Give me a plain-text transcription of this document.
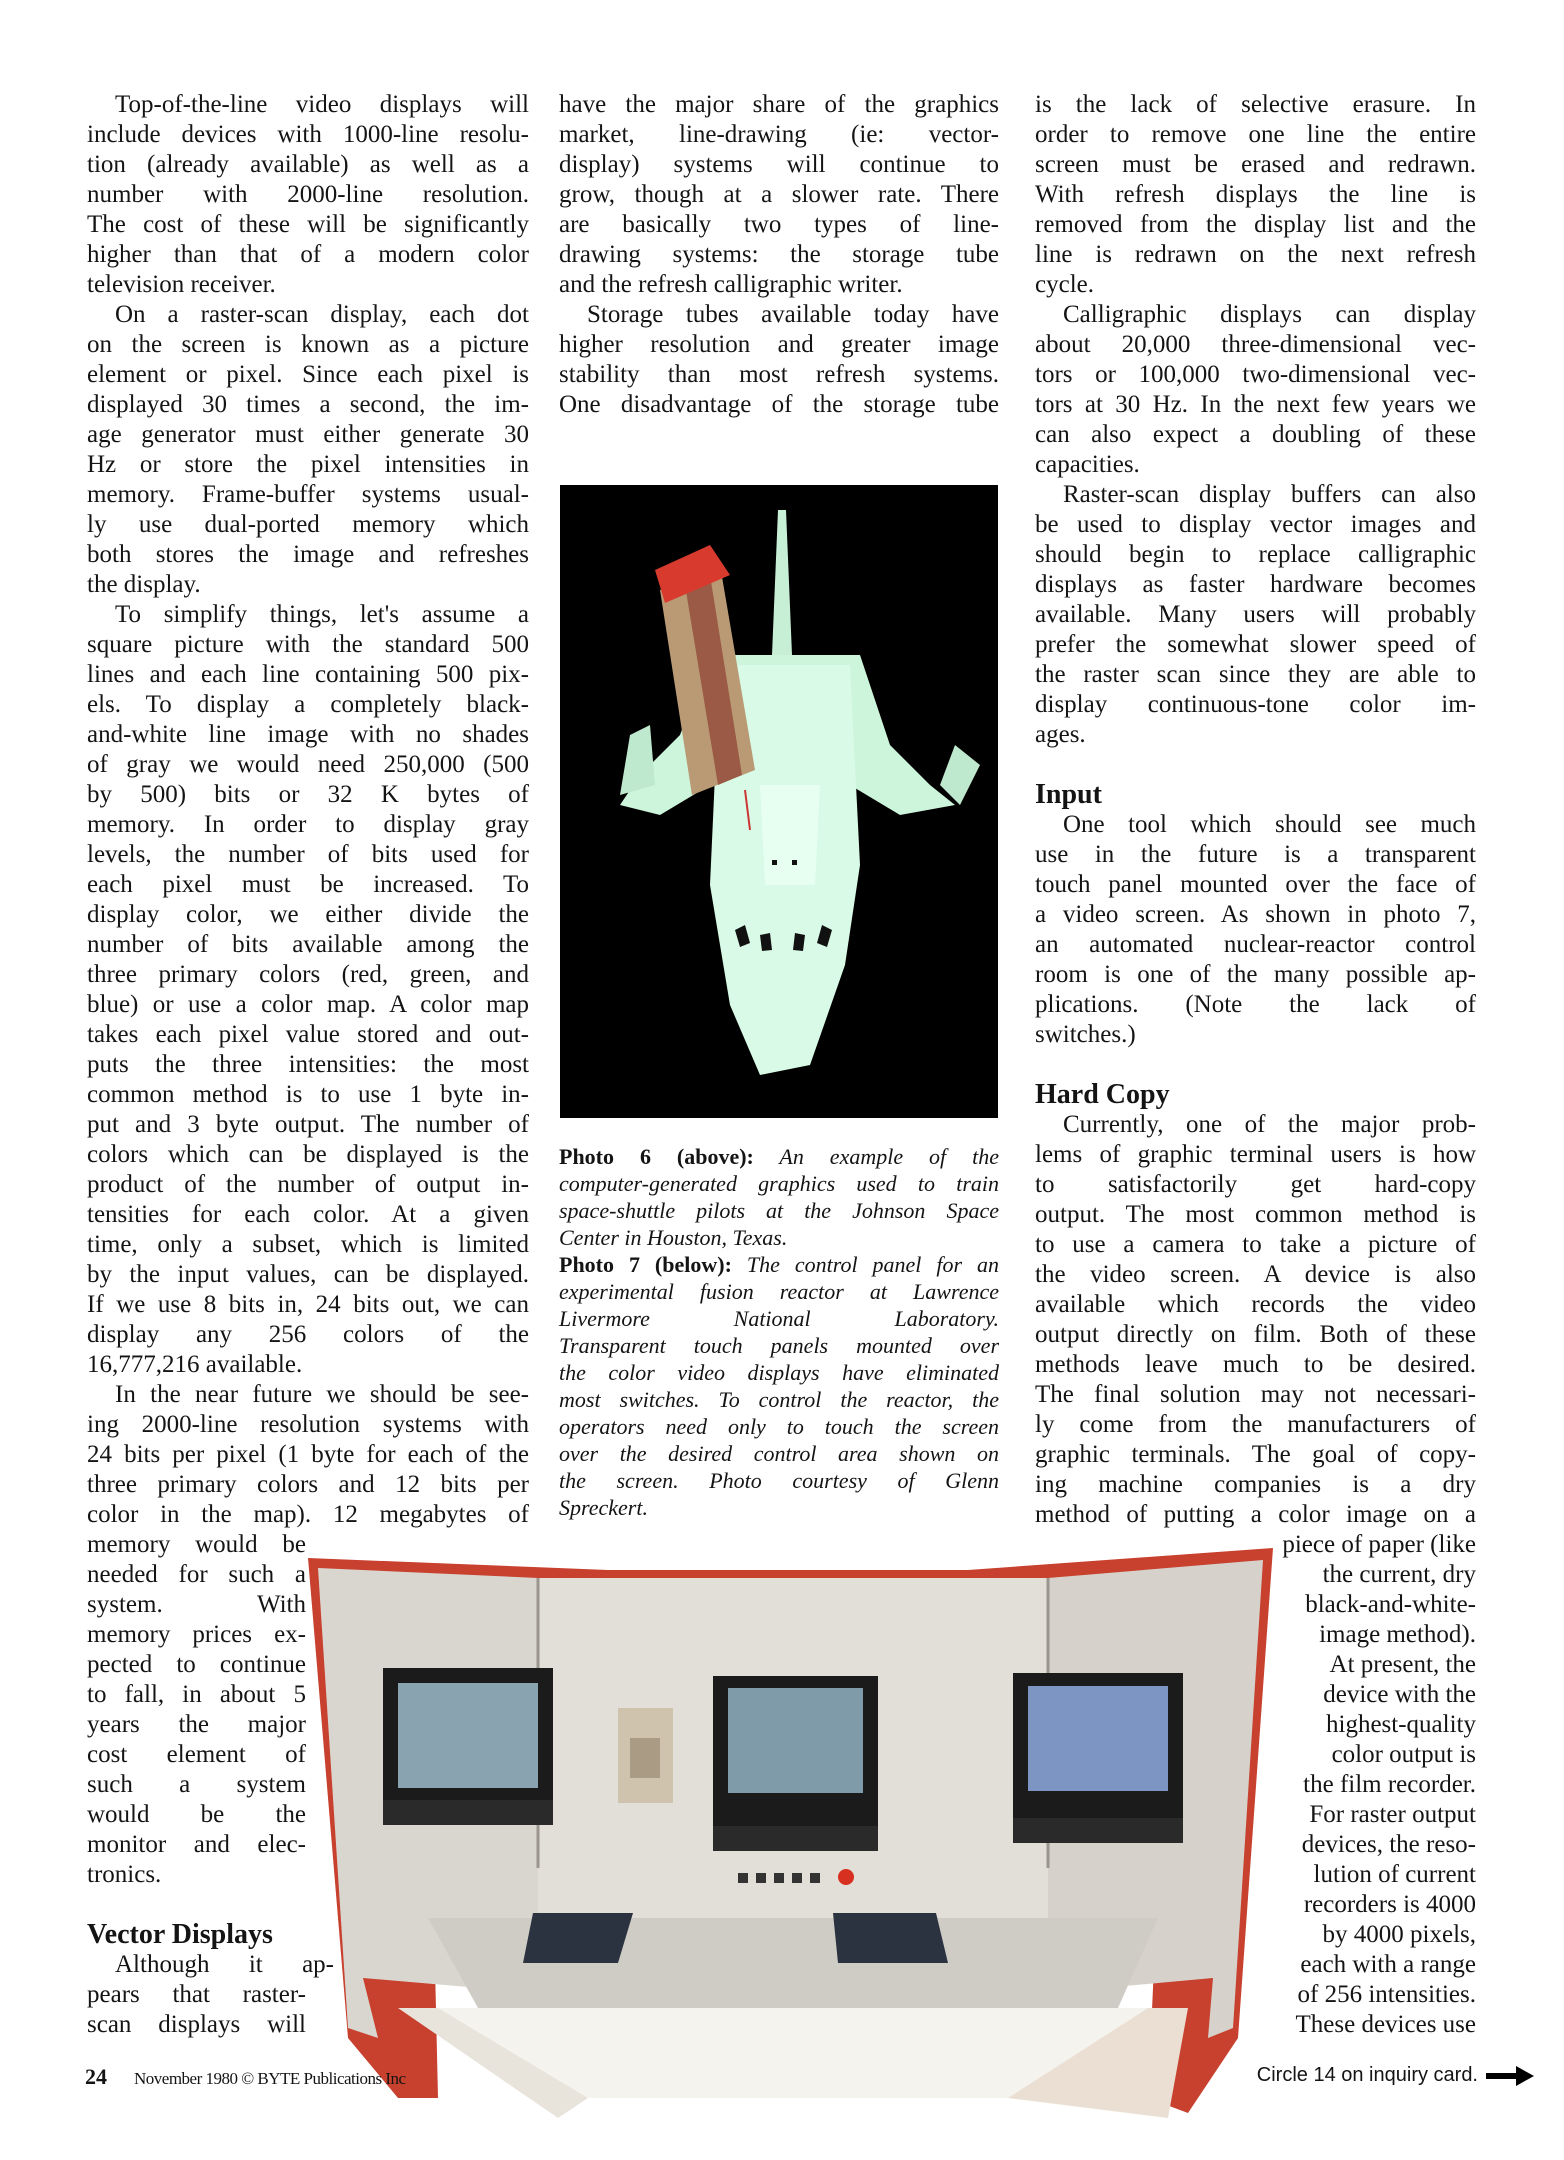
Top-of-the-line video displays will
include devices with 1000-line resolu-
tion (already available) as well as a
number with 2000-line resolution.
The cost of these will be significantly
higher than that of a modern color
television receiver.
On a raster-scan display, each dot
on the screen is known as a picture
element or pixel. Since each pixel is
displayed 30 times a second, the im-
age generator must either generate 30
Hz or store the pixel intensities in
memory. Frame-buffer systems usual-
ly use dual-ported memory which
both stores the image and refreshes
the display.
To simplify things, let's assume a
square picture with the standard 500
lines and each line containing 500 pix-
els. To display a completely black-
and-white line image with no shades
of gray we would need 250,000 (500
by 500) bits or 32 K bytes of
memory. In order to display gray
levels, the number of bits used for
each pixel must be increased. To
display color, we either divide the
number of bits available among the
three primary colors (red, green, and
blue) or use a color map. A color map
takes each pixel value stored and out-
puts the three intensities: the most
common method is to use 1 byte in-
put and 3 byte output. The number of
colors which can be displayed is the
product of the number of output in-
tensities for each color. At a given
time, only a subset, which is limited
by the input values, can be displayed.
If we use 8 bits in, 24 bits out, we can
display any 256 colors of the
16,777,216 available.
In the near future we should be see-
ing 2000-line resolution systems with
24 bits per pixel (1 byte for each of the
three primary colors and 12 bits per
color in the map). 12 megabytes of
memory would be
needed for such a
system. With
memory prices ex-
pected to continue
to fall, in about 5
years the major
cost element of
such a system
would be the
monitor and elec-
tronics.
Vector Displays
Although it ap-
pears that raster-
scan displays will
have the major share of the graphics
market, line-drawing (ie: vector-
display) systems will continue to
grow, though at a slower rate. There
are basically two types of line-
drawing systems: the storage tube
and the refresh calligraphic writer.
Storage tubes available today have
higher resolution and greater image
stability than most refresh systems.
One disadvantage of the storage tube
is the lack of selective erasure. In
order to remove one line the entire
screen must be erased and redrawn.
With refresh displays the line is
removed from the display list and the
line is redrawn on the next refresh
cycle.
Calligraphic displays can display
about 20,000 three-dimensional vec-
tors or 100,000 two-dimensional vec-
tors at 30 Hz. In the next few years we
can also expect a doubling of these
capacities.
Raster-scan display buffers can also
be used to display vector images and
should begin to replace calligraphic
displays as faster hardware becomes
available. Many users will probably
prefer the somewhat slower speed of
the raster scan since they are able to
display continuous-tone color im-
ages.
Input
One tool which should see much
use in the future is a transparent
touch panel mounted over the face of
a video screen. As shown in photo 7,
an automated nuclear-reactor control
room is one of the many possible ap-
plications. (Note the lack of
switches.)
Hard Copy
Currently, one of the major prob-
lems of graphic terminal users is how
to satisfactorily get hard-copy
output. The most common method is
to use a camera to take a picture of
the video screen. A device is also
available which records the video
output directly on film. Both of these
methods leave much to be desired.
The final solution may not necessari-
ly come from the manufacturers of
graphic terminals. The goal of copy-
ing machine companies is a dry
method of putting a color image on a
piece of paper (like
the current, dry
black-and-white-
image method).
At present, the
device with the
highest-quality
color output is
the film recorder.
For raster output
devices, the reso-
lution of current
recorders is 4000
by 4000 pixels,
each with a range
of 256 intensities.
These devices use
Photo 6 (above): An example of the
computer-generated graphics used to train
space-shuttle pilots at the Johnson Space
Center in Houston, Texas.
Photo 7 (below): The control panel for an
experimental fusion reactor at Lawrence
Livermore National Laboratory.
Transparent touch panels mounted over
the color video displays have eliminated
most switches. To control the reactor, the
operators need only to touch the screen
over the desired control area shown on
the screen. Photo courtesy of Glenn
Spreckert.
24 November 1980 © BYTE Publications Inc	Circle 14 on inquiry card.
